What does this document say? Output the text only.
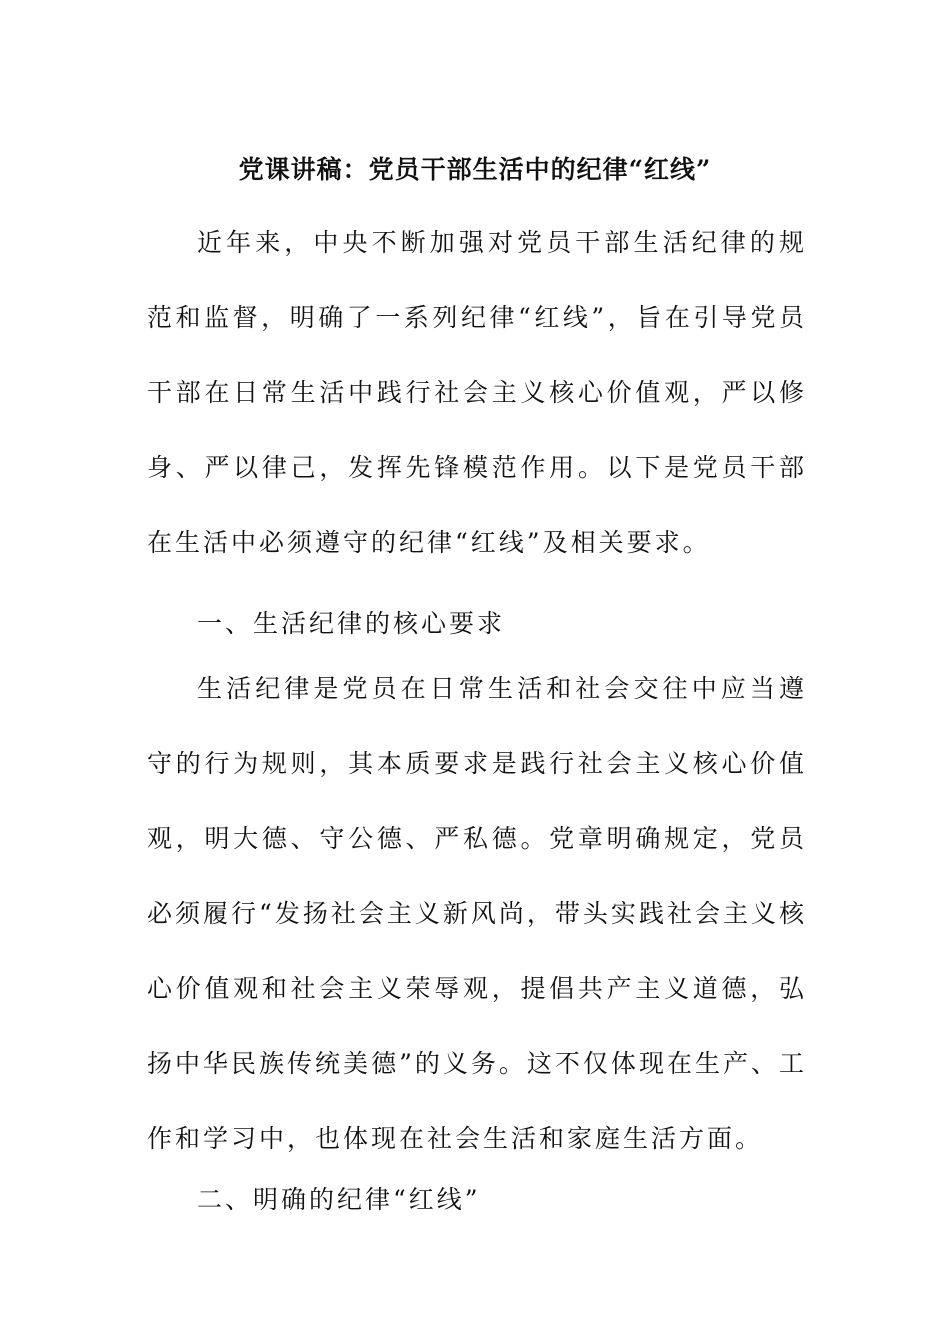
党课讲稿：党员干部生活中的纪律“红线”

近年来，中央不断加强对党员干部生活纪律的规范和监督，明确了一系列纪律“红线”，旨在引导党员干部在日常生活中践行社会主义核心价值观，严以修身、严以律己，发挥先锋模范作用。以下是党员干部在生活中必须遵守的纪律“红线”及相关要求。

一、生活纪律的核心要求

生活纪律是党员在日常生活和社会交往中应当遵守的行为规则，其本质要求是践行社会主义核心价值观，明大德、守公德、严私德。党章明确规定，党员必须履行“发扬社会主义新风尚，带头实践社会主义核心价值观和社会主义荣辱观，提倡共产主义道德，弘扬中华民族传统美德”的义务。这不仅体现在生产、工作和学习中，也体现在社会生活和家庭生活方面。

二、明确的纪律“红线”
